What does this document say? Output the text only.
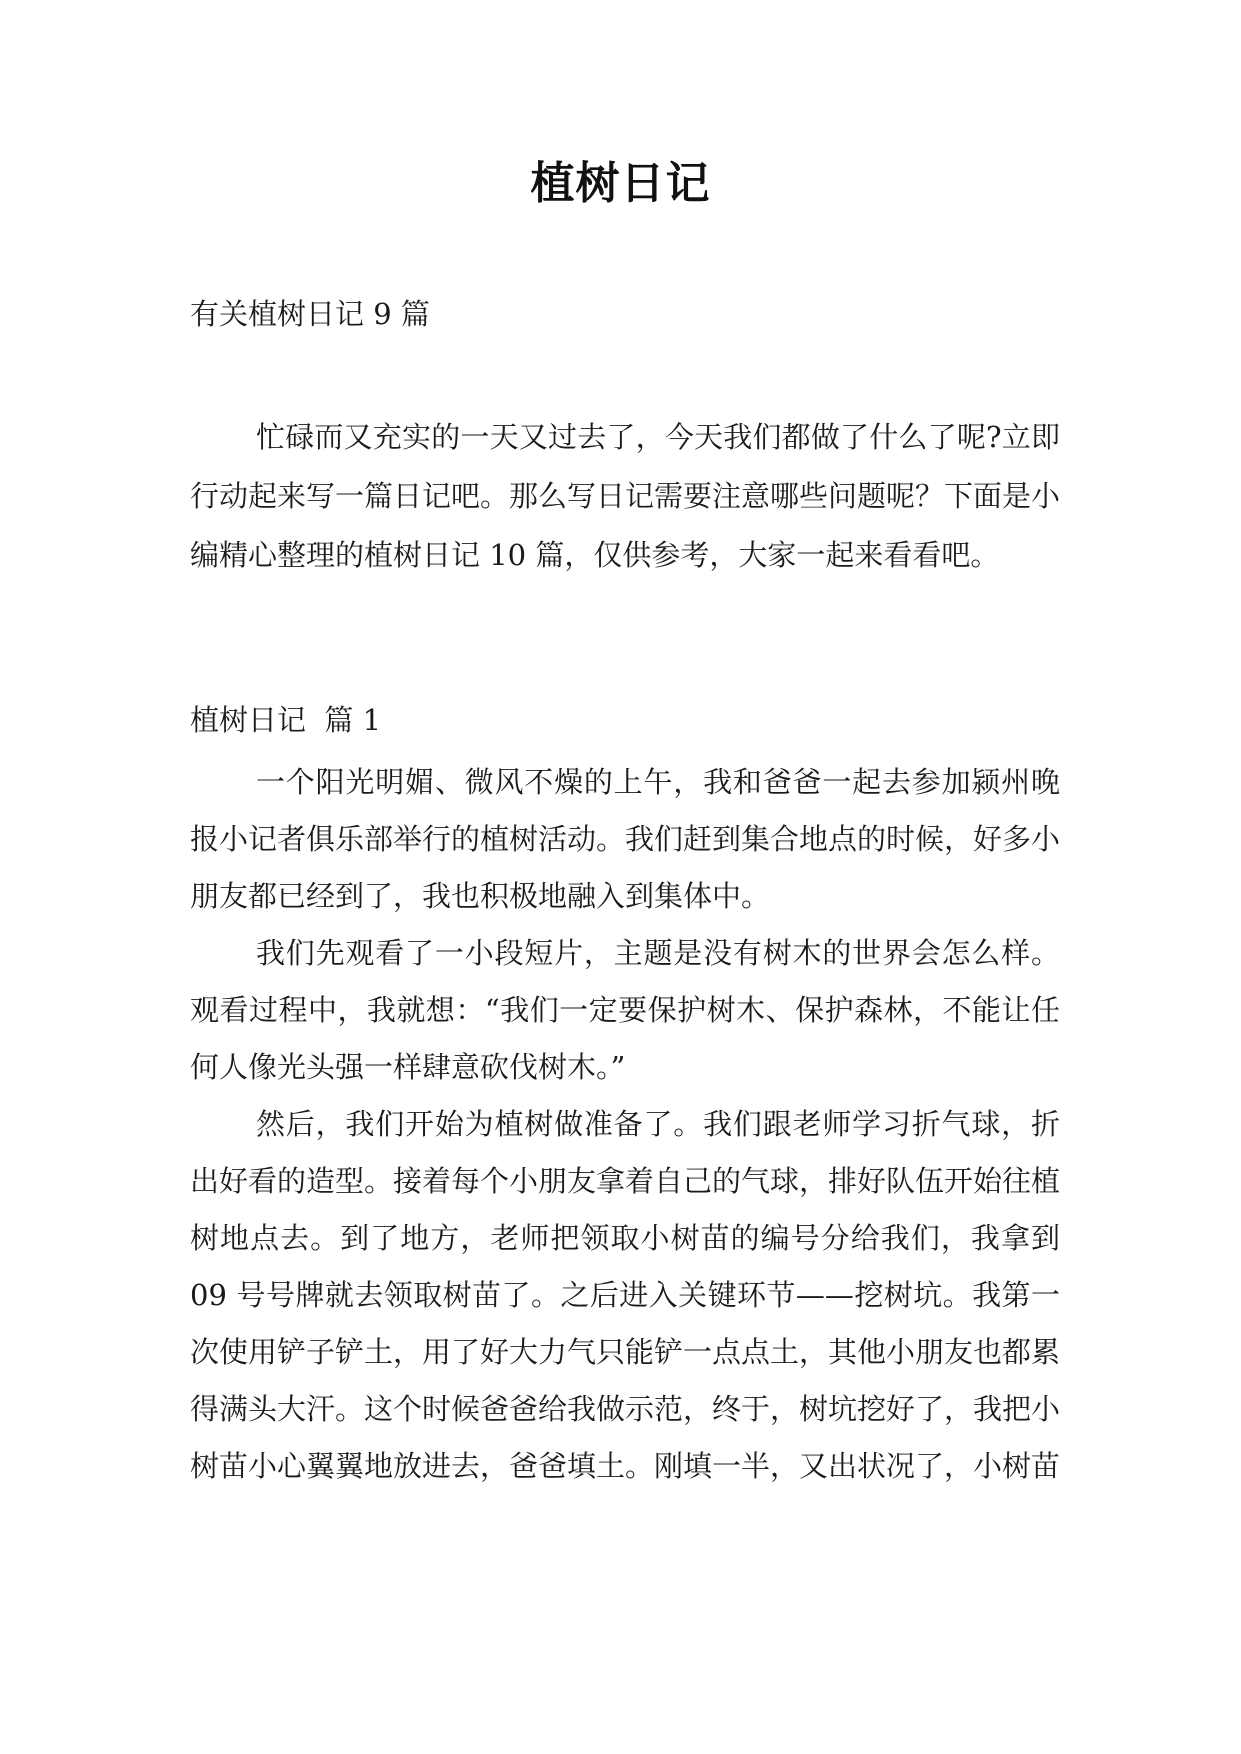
植树日记
有关植树日记 9 篇

忙碌而又充实的一天又过去了，今天我们都做了什么了呢?立即行动起来写一篇日记吧。那么写日记需要注意哪些问题呢？下面是小编精心整理的植树日记 10 篇，仅供参考，大家一起来看看吧。

植树日记  篇 1

一个阳光明媚、微风不燥的上午，我和爸爸一起去参加颍州晚报小记者俱乐部举行的植树活动。我们赶到集合地点的时候，好多小朋友都已经到了，我也积极地融入到集体中。

我们先观看了一小段短片，主题是没有树木的世界会怎么样。观看过程中，我就想：“我们一定要保护树木、保护森林，不能让任何人像光头强一样肆意砍伐树木。”

然后，我们开始为植树做准备了。我们跟老师学习折气球，折出好看的造型。接着每个小朋友拿着自己的气球，排好队伍开始往植树地点去。到了地方，老师把领取小树苗的编号分给我们，我拿到 09 号号牌就去领取树苗了。之后进入关键环节——挖树坑。我第一次使用铲子铲土，用了好大力气只能铲一点点土，其他小朋友也都累得满头大汗。这个时候爸爸给我做示范，终于，树坑挖好了，我把小树苗小心翼翼地放进去，爸爸填土。刚填一半，又出状况了，小树苗
